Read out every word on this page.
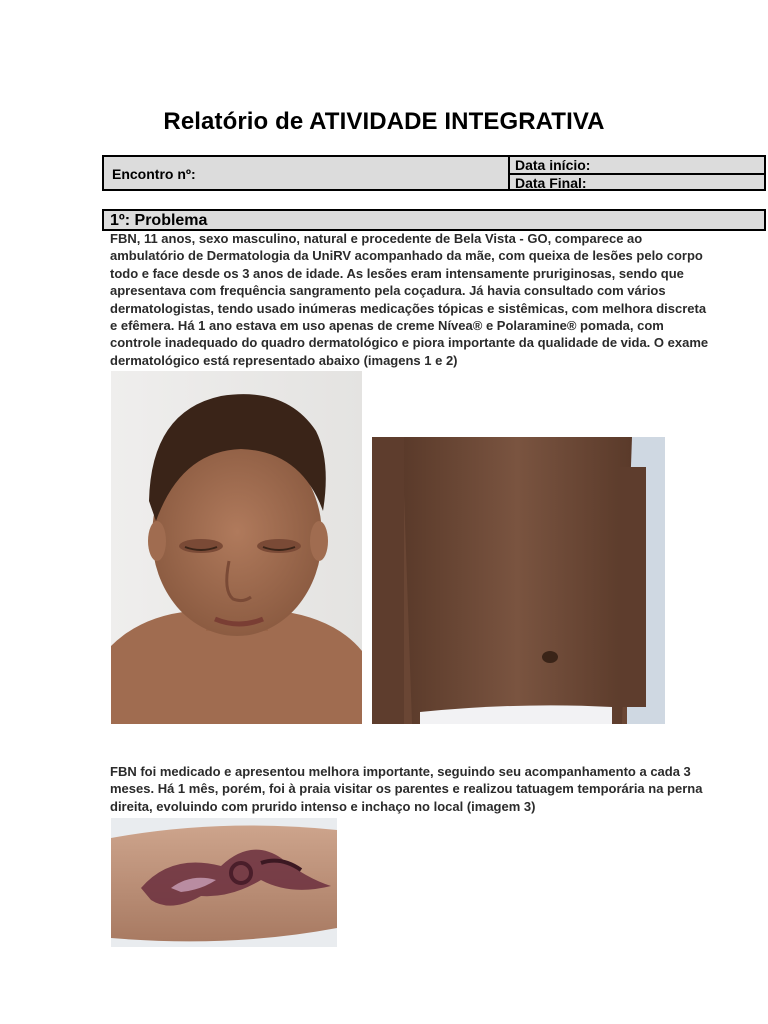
Relatório de ATIVIDADE INTEGRATIVA
Encontro nº:
Data início:
Data Final:
1º: Problema

FBN, 11 anos, sexo masculino, natural e procedente de Bela Vista - GO, comparece ao ambulatório de Dermatologia da UniRV acompanhado da mãe, com queixa de lesões pelo corpo todo e face desde os 3 anos de idade. As lesões eram intensamente pruriginosas, sendo que apresentava com frequência sangramento pela coçadura. Já havia consultado com vários dermatologistas, tendo usado inúmeras medicações tópicas e sistêmicas, com melhora discreta e efêmera. Há 1 ano estava em uso apenas de creme Nívea® e Polaramine® pomada, com controle inadequado do quadro dermatológico e piora importante da qualidade de vida. O exame dermatológico está representado abaixo (imagens 1 e 2)

FBN foi medicado e apresentou melhora importante, seguindo seu acompanhamento a cada 3 meses. Há 1 mês, porém, foi à praia visitar os parentes e realizou tatuagem temporária na perna direita, evoluindo com prurido intenso e inchaço no local (imagem 3)
